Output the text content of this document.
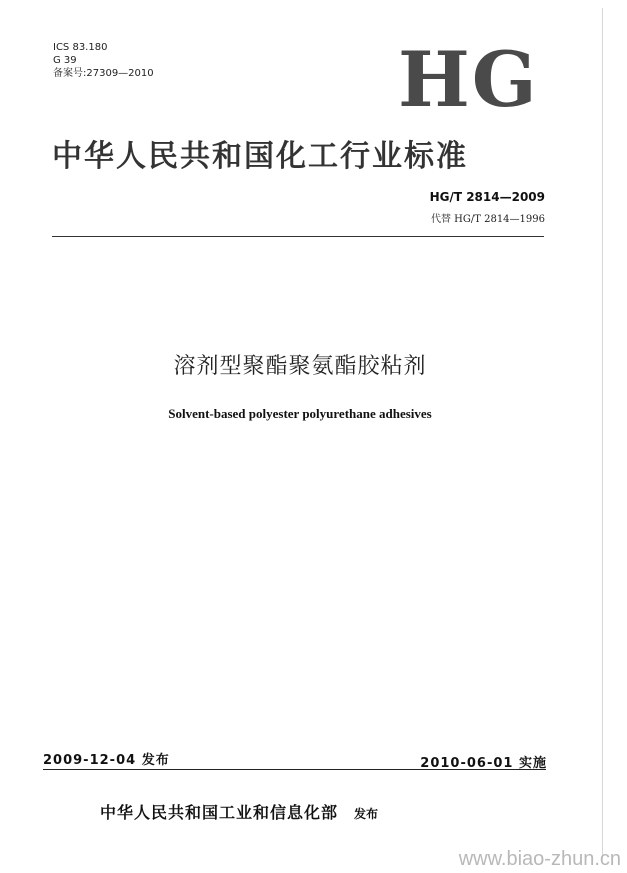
ICS 83.180
G 39
备案号:27309—2010	HG
中华人民共和国化工行业标准
HG/T 2814—2009
代替 HG/T 2814—1996
溶剂型聚酯聚氨酯胶粘剂
Solvent-based polyester polyurethane adhesives
2009-12-04 发布	2010-06-01 实施
中华人民共和国工业和信息化部 发布
www.biao-zhun.cn
